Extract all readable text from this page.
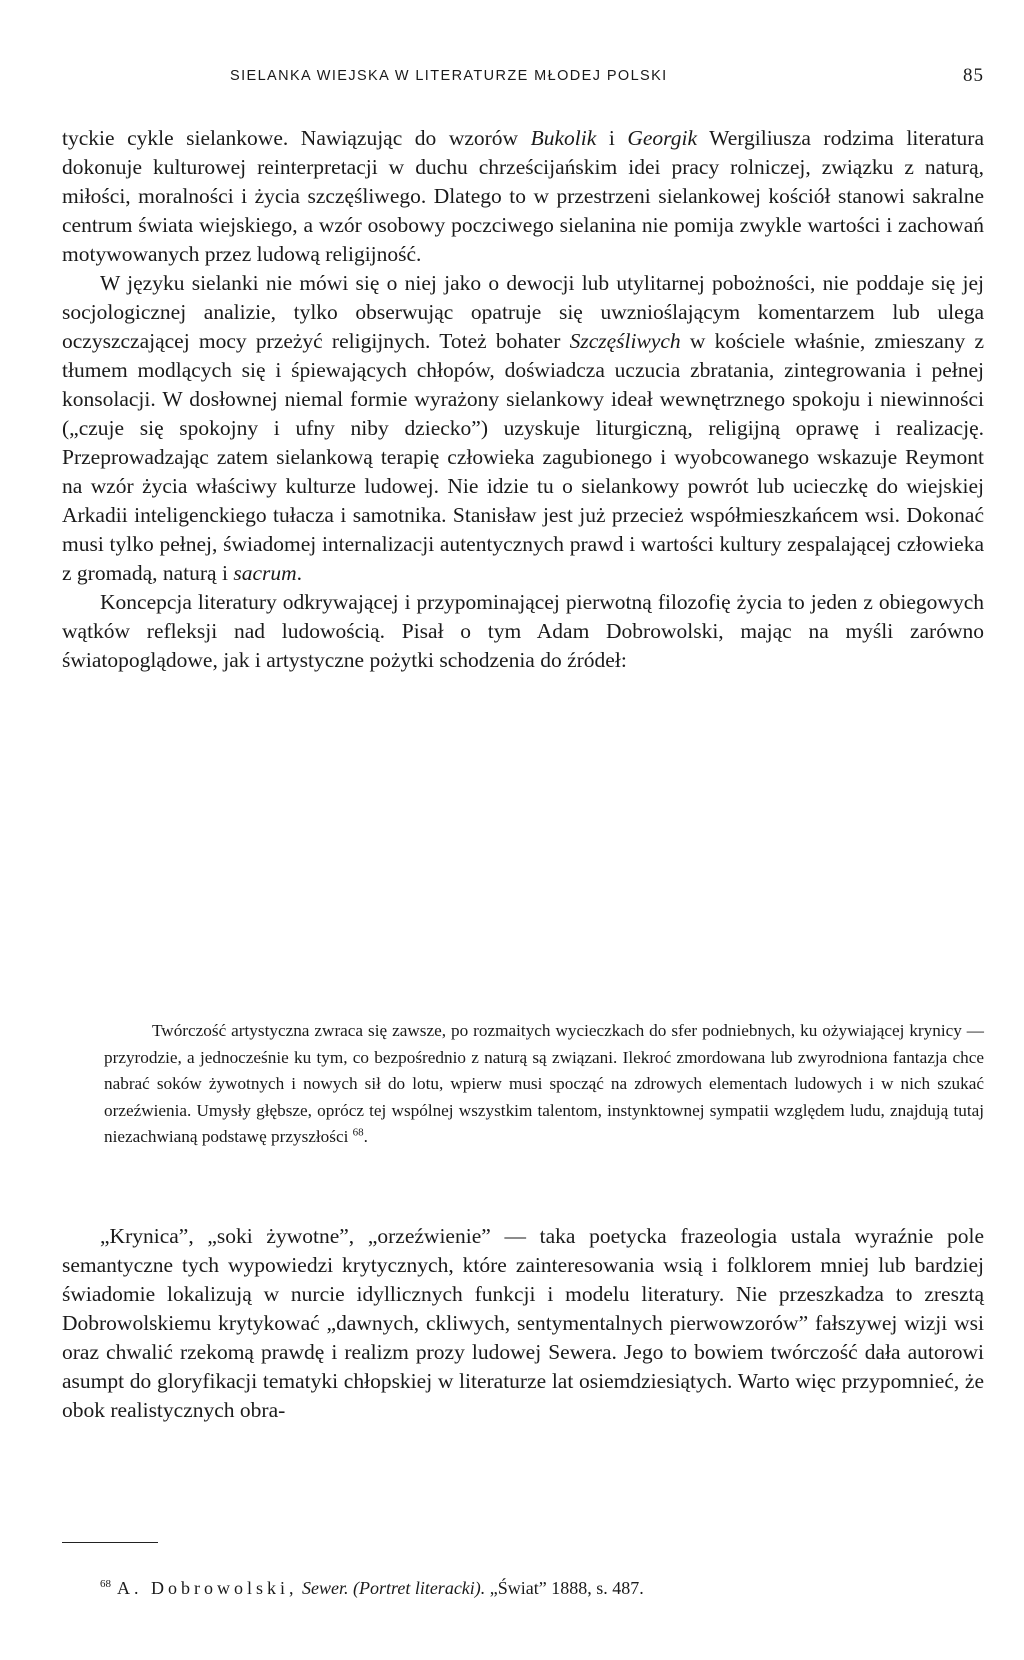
SIELANKA WIEJSKA W LITERATURZE MŁODEJ POLSKI	85

tyckie cykle sielankowe. Nawiązując do wzorów Bukolik i Georgik Wergiliusza rodzima literatura dokonuje kulturowej reinterpretacji w duchu chrześcijańskim idei pracy rolniczej, związku z naturą, miłości, moralności i życia szczęśliwego. Dlatego to w przestrzeni sielankowej kościół stanowi sakralne centrum świata wiejskiego, a wzór osobowy poczciwego sielanina nie pomija zwykle wartości i zachowań motywowanych przez ludową religijność.

W języku sielanki nie mówi się o niej jako o dewocji lub utylitarnej pobożności, nie poddaje się jej socjologicznej analizie, tylko obserwując opatruje się uwznioślającym komentarzem lub ulega oczyszczającej mocy przeżyć religijnych. Toteż bohater Szczęśliwych w kościele właśnie, zmieszany z tłumem modlących się i śpiewających chłopów, doświadcza uczucia zbratania, zintegrowania i pełnej konsolacji. W dosłownej niemal formie wyrażony sielankowy ideał wewnętrznego spokoju i niewinności („czuje się spokojny i ufny niby dziecko”) uzyskuje liturgiczną, religijną oprawę i realizację. Przeprowadzając zatem sielankową terapię człowieka zagubionego i wyobcowanego wskazuje Reymont na wzór życia właściwy kulturze ludowej. Nie idzie tu o sielankowy powrót lub ucieczkę do wiejskiej Arkadii inteligenckiego tułacza i samotnika. Stanisław jest już przecież współmieszkańcem wsi. Dokonać musi tylko pełnej, świadomej internalizacji autentycznych prawd i wartości kultury zespalającej człowieka z gromadą, naturą i sacrum.

Koncepcja literatury odkrywającej i przypominającej pierwotną filozofię życia to jeden z obiegowych wątków refleksji nad ludowością. Pisał o tym Adam Dobrowolski, mając na myśli zarówno światopoglądowe, jak i artystyczne pożytki schodzenia do źródeł:

Twórczość artystyczna zwraca się zawsze, po rozmaitych wycieczkach do sfer podniebnych, ku ożywiającej krynicy — przyrodzie, a jednocześnie ku tym, co bezpośrednio z naturą są związani. Ilekroć zmordowana lub zwyrodniona fantazja chce nabrać soków żywotnych i nowych sił do lotu, wpierw musi spocząć na zdrowych elementach ludowych i w nich szukać orzeźwienia. Umysły głębsze, oprócz tej wspólnej wszystkim talentom, instynktownej sympatii względem ludu, znajdują tutaj niezachwianą podstawę przyszłości $^{68}$.

„Krynica”, „soki żywotne”, „orzeźwienie” — taka poetycka frazeologia ustala wyraźnie pole semantyczne tych wypowiedzi krytycznych, które zainteresowania wsią i folklorem mniej lub bardziej świadomie lokalizują w nurcie idyllicznych funkcji i modelu literatury. Nie przeszkadza to zresztą Dobrowolskiemu krytykować „dawnych, ckliwych, sentymentalnych pierwowzorów” fałszywej wizji wsi oraz chwalić rzekomą prawdę i realizm prozy ludowej Sewera. Jego to bowiem twórczość dała autorowi asumpt do gloryfikacji tematyki chłopskiej w literaturze lat osiemdziesiątych. Warto więc przypomnieć, że obok realistycznych obra-

$^{68}$ A. Dobrowolski, Sewer. (Portret literacki). „Świat” 1888, s. 487.
